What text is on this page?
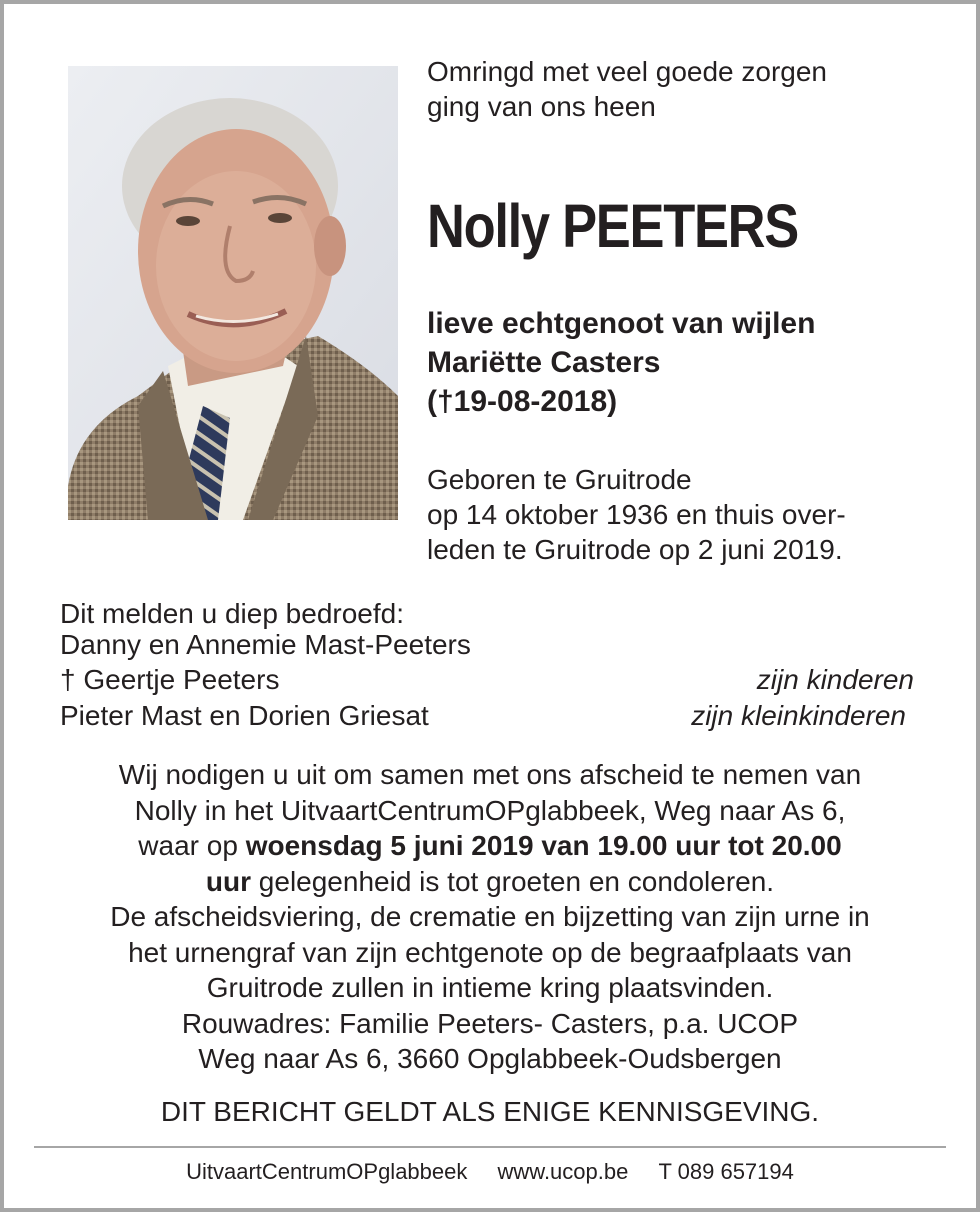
Omringd met veel goede zorgen
ging van ons heen

Nolly PEETERS

lieve echtgenoot van wijlen
Mariëtte Casters
(†19-08-2018)

Geboren te Gruitrode
op 14 oktober 1936 en thuis over-
leden te Gruitrode op 2 juni 2019.

Dit melden u diep bedroefd:
Danny en Annemie Mast-Peeters
† Geertje Peeters	zijn kinderen
Pieter Mast en Dorien Griesat	zijn kleinkinderen
Wij nodigen u uit om samen met ons afscheid te nemen van
Nolly in het UitvaartCentrumOPglabbeek, Weg naar As 6,
waar op woensdag 5 juni 2019 van 19.00 uur tot 20.00
uur gelegenheid is tot groeten en condoleren.
De afscheidsviering, de crematie en bijzetting van zijn urne in
het urnengraf van zijn echtgenote op de begraafplaats van
Gruitrode zullen in intieme kring plaatsvinden.
Rouwadres: Familie Peeters- Casters, p.a. UCOP
Weg naar As 6, 3660 Opglabbeek-Oudsbergen
DIT BERICHT GELDT ALS ENIGE KENNISGEVING.
UitvaartCentrumOPglabbeek www.ucop.be T 089 657194
